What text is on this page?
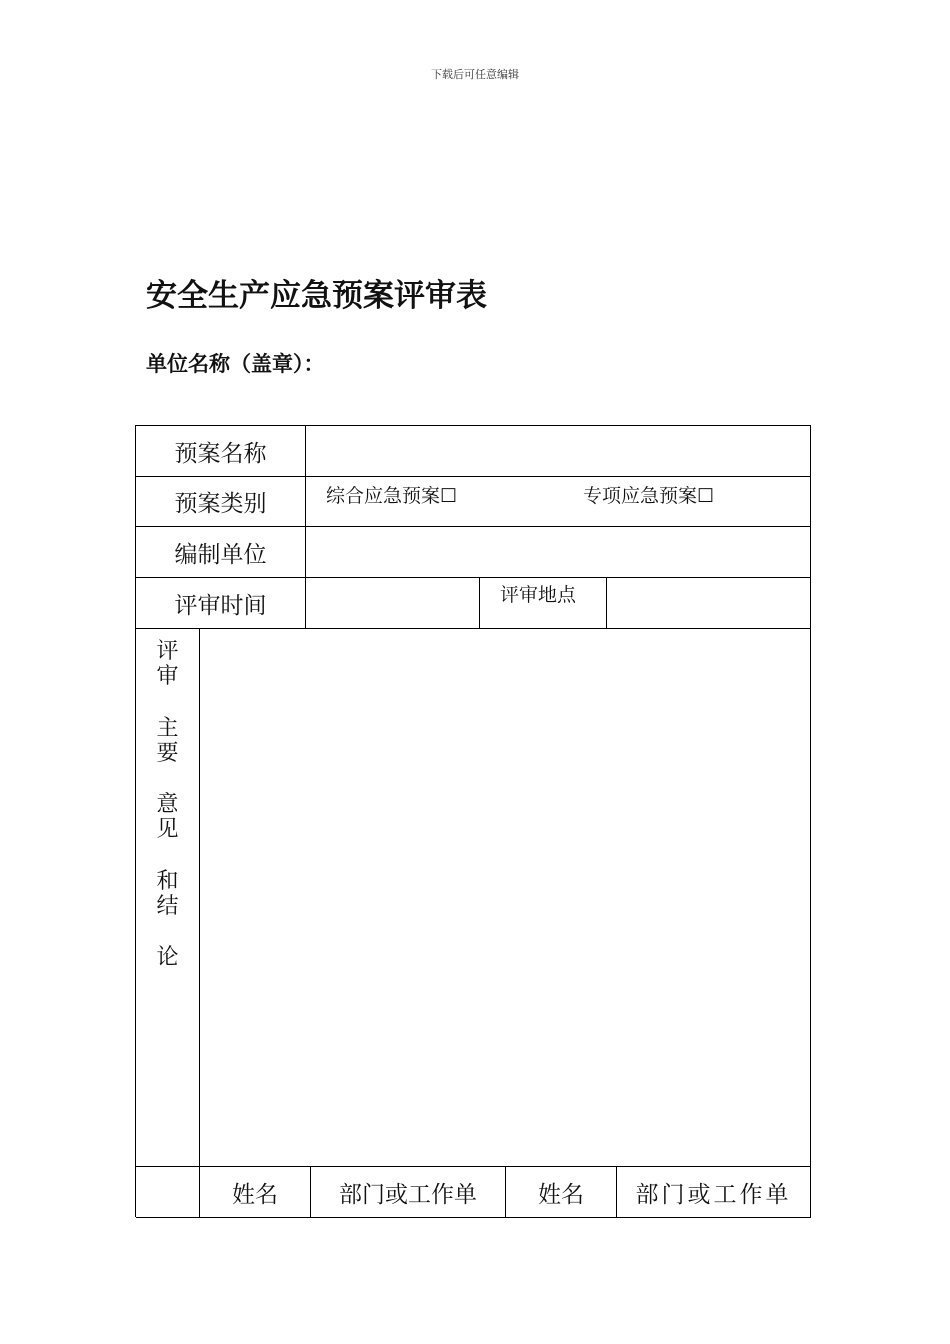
下载后可任意编辑
安全生产应急预案评审表
单位名称（盖章）：
预案名称
预案类别	综合应急预案☐	专项应急预案☐
编制单位
评审时间	评审地点
评
审
主
要
意
见
和
结
论
姓名	部门或工作单	姓名	部门或工作单
